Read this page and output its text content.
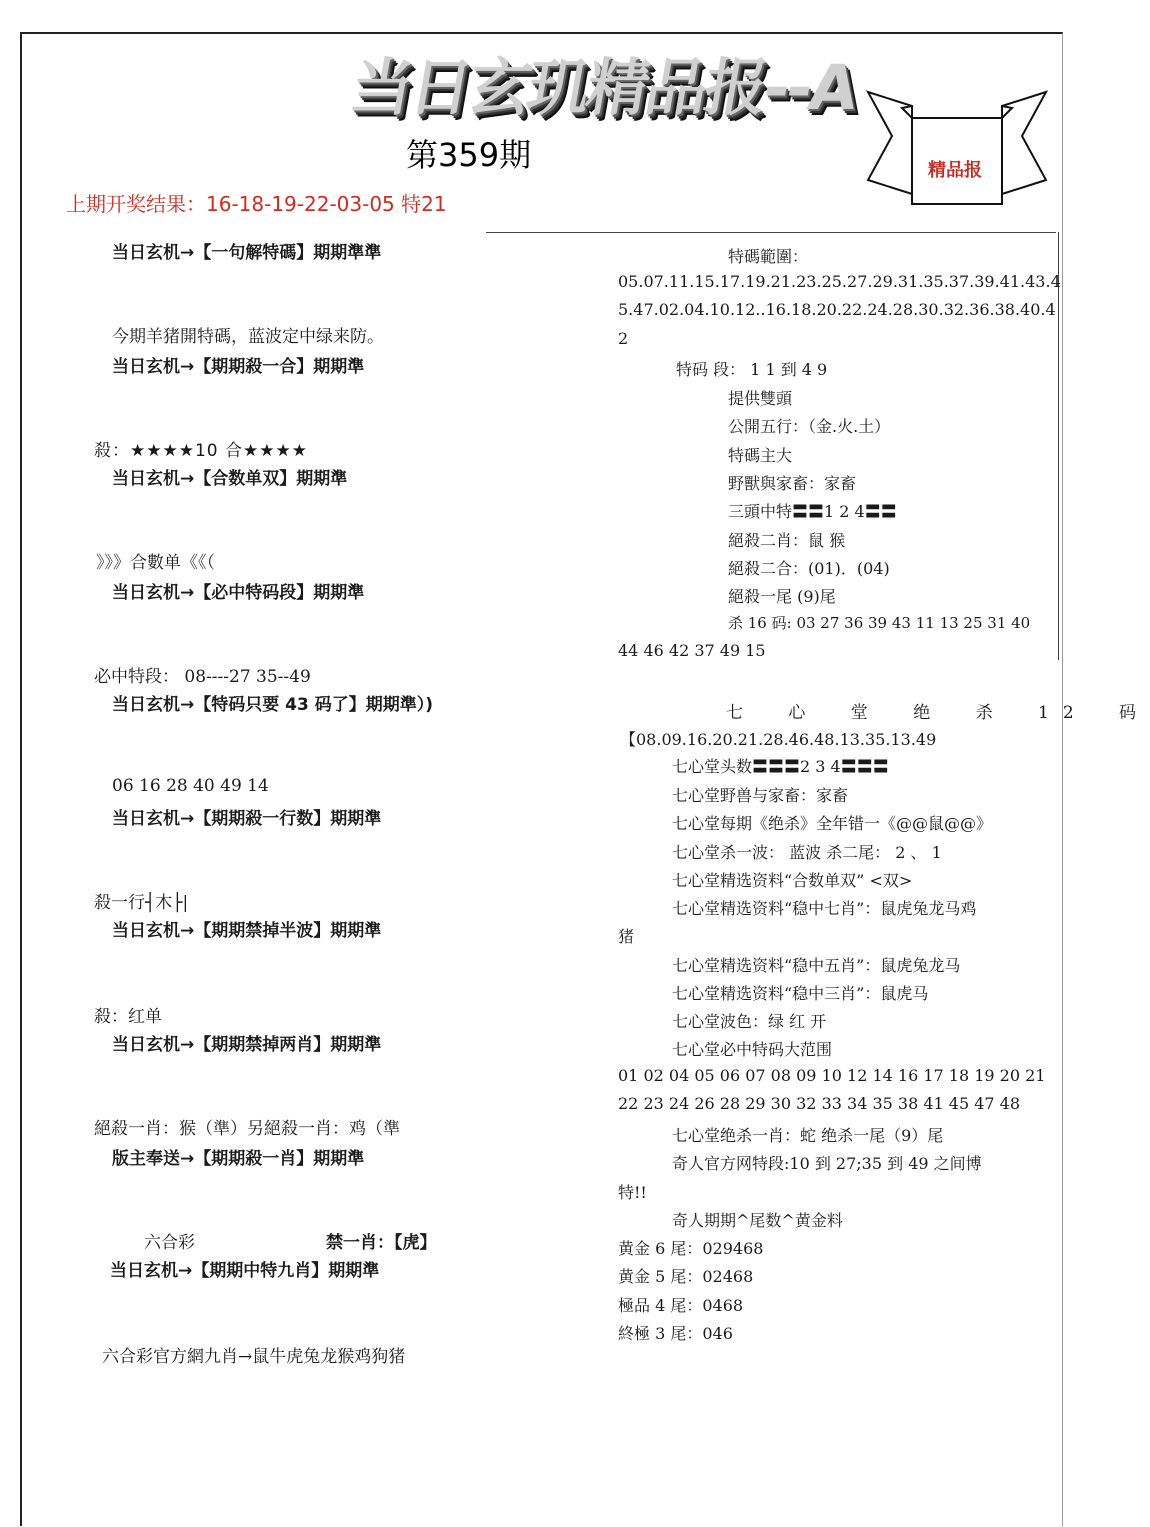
当日玄玑精品报--A
精品报
第359期
上期开奖结果：16-18-19-22-03-05 特21
当日玄机→【一句解特碼】期期準準
今期羊猪開特碼，蓝波定中绿来防。
当日玄机→【期期殺一合】期期準
殺：★★★★10 合★★★★
当日玄机→【合数单双】期期準
》》》合數单《《（
当日玄机→【必中特码段】期期準
必中特段： 08----27 35--49
当日玄机→【特码只要 43 码了】期期準）)
06 16 28 40 49 14
当日玄机→【期期殺一行数】期期準
殺一行┤木├|
当日玄机→【期期禁掉半波】期期準
殺：红单
当日玄机→【期期禁掉两肖】期期準
絕殺一肖：猴（準）另絕殺一肖：鸡（準
版主奉送→【期期殺一肖】期期準
六合彩	禁一肖：【虎】
当日玄机→【期期中特九肖】期期準
六合彩官方網九肖→鼠牛虎兔龙猴鸡狗猪
特碼範圍：
05.07.11.15.17.19.21.23.25.27.29.31.35.37.39.41.43.4
5.47.02.04.10.12..16.18.20.22.24.28.30.32.36.38.40.4
2
特码 段： 1 1 到 4 9
提供雙頭
公開五行：（金.火.土）
特碼主大
野獸與家畜：家畜
三頭中特〓〓1 2 4〓〓
絕殺二肖：鼠 猴
絕殺二合：(01)．(04)
絕殺一尾 (9)尾
杀 16 码: 03 27 36 39 43 11 13 25 31 40
44 46 42 37 49 15
七 心 堂 绝 杀 12 码
【08.09.16.20.21.28.46.48.13.35.13.49
七心堂头数〓〓〓2 3 4〓〓〓
七心堂野兽与家畜：家畜
七心堂每期《绝杀》全年错一《@@鼠@@》
七心堂杀一波： 蓝波 杀二尾： 2 、 1
七心堂精选资料“合数单双” <双>
七心堂精选资料“稳中七肖”：鼠虎兔龙马鸡
猪
七心堂精选资料“稳中五肖”：鼠虎兔龙马
七心堂精选资料“稳中三肖”：鼠虎马
七心堂波色：绿 红 开
七心堂必中特码大范围
01 02 04 05 06 07 08 09 10 12 14 16 17 18 19 20 21
22 23 24 26 28 29 30 32 33 34 35 38 41 45 47 48
七心堂绝杀一肖：蛇 绝杀一尾（9）尾
奇人官方网特段:10 到 27;35 到 49 之间博
特!!
奇人期期^尾数^黄金料
黄金 6 尾：029468
黄金 5 尾：02468
極品 4 尾：0468
終極 3 尾：046
